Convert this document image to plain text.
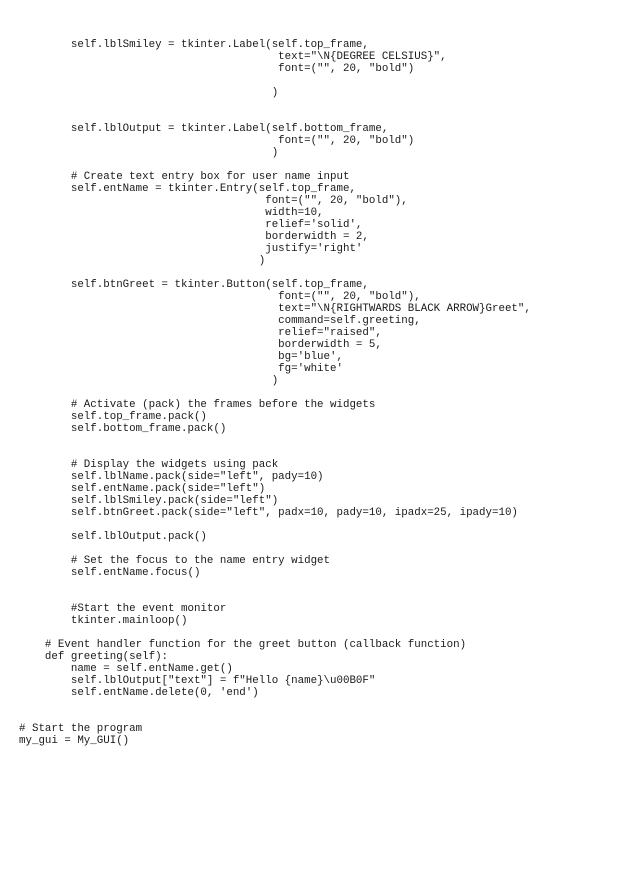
self.lblSmiley = tkinter.Label(self.top_frame,
text="\N{DEGREE CELSIUS}",
font=("", 20, "bold")
)
self.lblOutput = tkinter.Label(self.bottom_frame,
font=("", 20, "bold")
)
# Create text entry box for user name input
self.entName = tkinter.Entry(self.top_frame,
font=("", 20, "bold"),
width=10,
relief='solid',
borderwidth = 2,
justify='right'
)
self.btnGreet = tkinter.Button(self.top_frame,
font=("", 20, "bold"),
text="\N{RIGHTWARDS BLACK ARROW}Greet",
command=self.greeting,
relief="raised",
borderwidth = 5,
bg='blue',
fg='white'
)
# Activate (pack) the frames before the widgets
self.top_frame.pack()
self.bottom_frame.pack()
# Display the widgets using pack
self.lblName.pack(side="left", pady=10)
self.entName.pack(side="left")
self.lblSmiley.pack(side="left")
self.btnGreet.pack(side="left", padx=10, pady=10, ipadx=25, ipady=10)
self.lblOutput.pack()
# Set the focus to the name entry widget
self.entName.focus()
#Start the event monitor
tkinter.mainloop()
# Event handler function for the greet button (callback function)
def greeting(self):
name = self.entName.get()
self.lblOutput["text"] = f"Hello {name}\u00B0F"
self.entName.delete(0, 'end')
# Start the program
my_gui = My_GUI()
